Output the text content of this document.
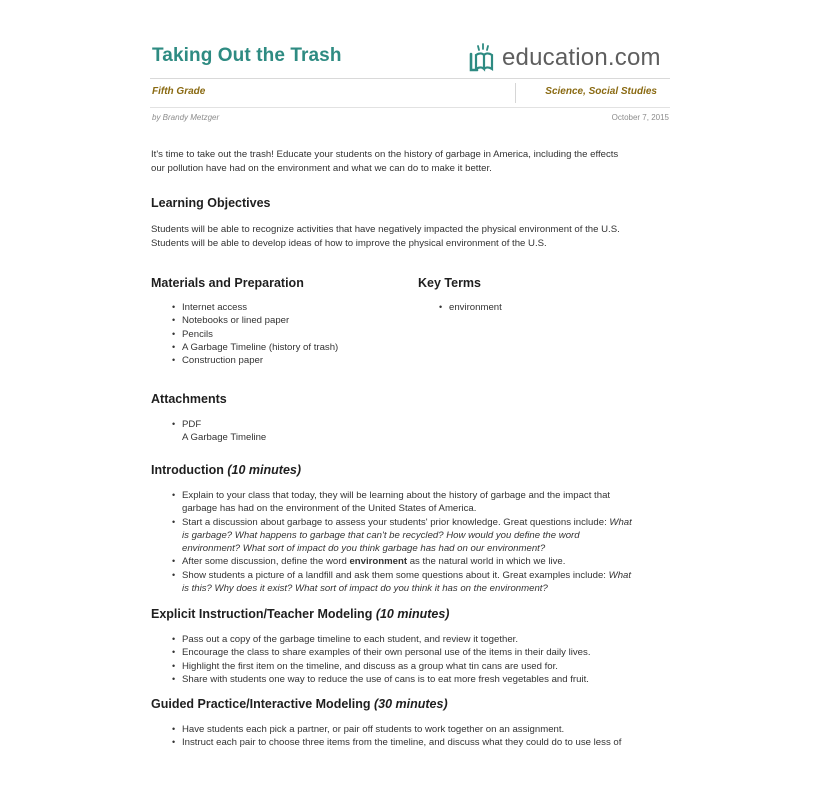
Taking Out the Trash	education.com
Fifth Grade	Science, Social Studies
by Brandy Metzger	October 7, 2015
It's time to take out the trash! Educate your students on the history of garbage in America, including the effects
our pollution have had on the environment and what we can do to make it better.
Learning Objectives
Students will be able to recognize activities that have negatively impacted the physical environment of the U.S.
Students will be able to develop ideas of how to improve the physical environment of the U.S.
Materials and Preparation
• Internet access
• Notebooks or lined paper
• Pencils
• A Garbage Timeline (history of trash)
• Construction paper
Key Terms
• environment
Attachments
• PDF
A Garbage Timeline
Introduction (10 minutes)
• Explain to your class that today, they will be learning about the history of garbage and the impact that
garbage has had on the environment of the United States of America.
• Start a discussion about garbage to assess your students' prior knowledge. Great questions include: What
is garbage? What happens to garbage that can't be recycled? How would you define the word
environment? What sort of impact do you think garbage has had on our environment?
• After some discussion, define the word environment as the natural world in which we live.
• Show students a picture of a landfill and ask them some questions about it. Great examples include: What
is this? Why does it exist? What sort of impact do you think it has on the environment?
Explicit Instruction/Teacher Modeling (10 minutes)
• Pass out a copy of the garbage timeline to each student, and review it together.
• Encourage the class to share examples of their own personal use of the items in their daily lives.
• Highlight the first item on the timeline, and discuss as a group what tin cans are used for.
• Share with students one way to reduce the use of cans is to eat more fresh vegetables and fruit.
Guided Practice/Interactive Modeling (30 minutes)
• Have students each pick a partner, or pair off students to work together on an assignment.
• Instruct each pair to choose three items from the timeline, and discuss what they could do to use less of
